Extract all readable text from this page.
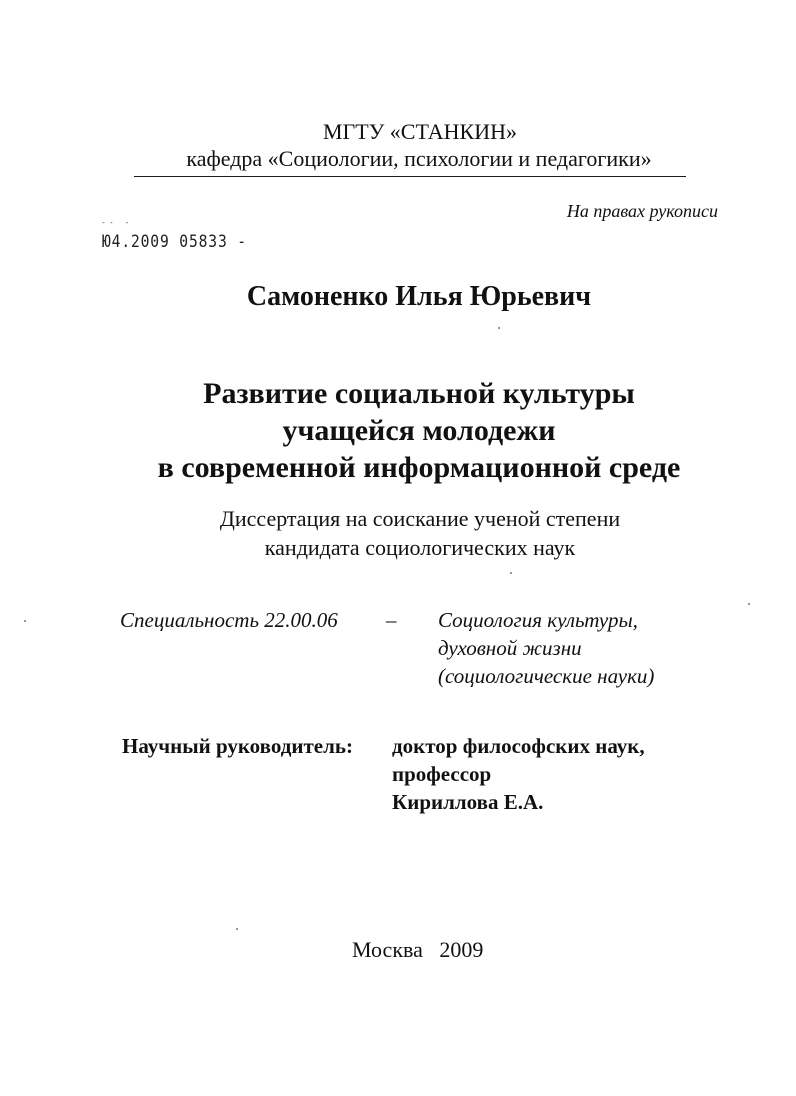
МГТУ «СТАНКИН»

кафедра «Социологии, психологии и педагогики»

На правах рукописи

-- -

Ю4.2009 05833 -

Самоненко Илья Юрьевич

Развитие социальной культуры
учащейся молодежи
в современной информационной среде
Диссертация на соискание ученой степени
кандидата социологических наук

Специальность 22.00.06 – Социология культуры,
духовной жизни
(социологические науки)

Научный руководитель: доктор философских наук,
профессор
Кириллова Е.А.

Москва 2009
